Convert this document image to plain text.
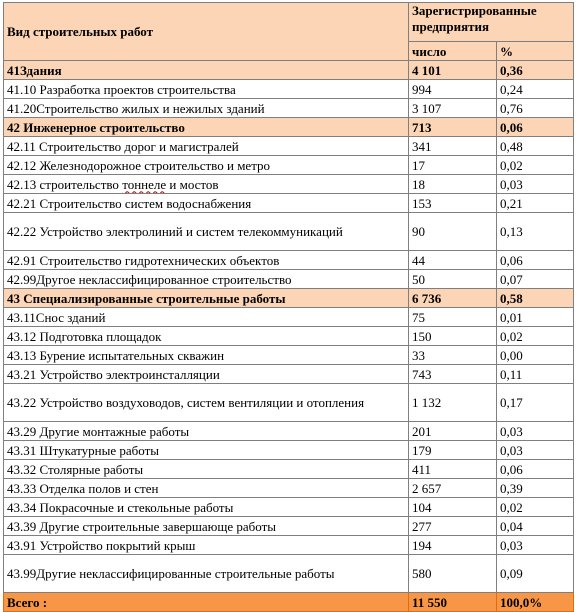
Вид строительных работ	Зарегистрированные предприятия	
	число	%
41Здания	4 101	0,36
41.10 Разработка проектов строительства	994	0,24
41.20Строительство жилых и нежилых зданий	3 107	0,76
42 Инженерное строительство	713	0,06
42.11 Строительство дорог и магистралей	341	0,48
42.12 Железнодорожное строительство и метро	17	0,02
42.13 строительство тоннеле и мостов	18	0,03
42.21 Строительство систем водоснабжения	153	0,21
42.22 Устройство электролиний и систем телекоммуникаций	90	0,13
42.91 Строительство гидротехнических объектов	44	0,06
42.99Другое неклассифицированное строительство	50	0,07
43 Специализированные строительные работы	6 736	0,58
43.11Снос зданий	75	0,01
43.12 Подготовка площадок	150	0,02
43.13 Бурение испытательных скважин	33	0,00
43.21 Устройство электроинсталляции	743	0,11
43.22 Устройство воздуховодов, систем вентиляции и отопления	1 132	0,17
43.29 Другие монтажные работы	201	0,03
43.31 Штукатурные работы	179	0,03
43.32 Столярные работы	411	0,06
43.33 Отделка полов и стен	2 657	0,39
43.34 Покрасочные и стекольные работы	104	0,02
43.39 Другие строительные завершающе работы	277	0,04
43.91 Устройство покрытий крыш	194	0,03
43.99Другие неклассифицированные строительные работы	580	0,09
Всего :	11 550	100,0%
